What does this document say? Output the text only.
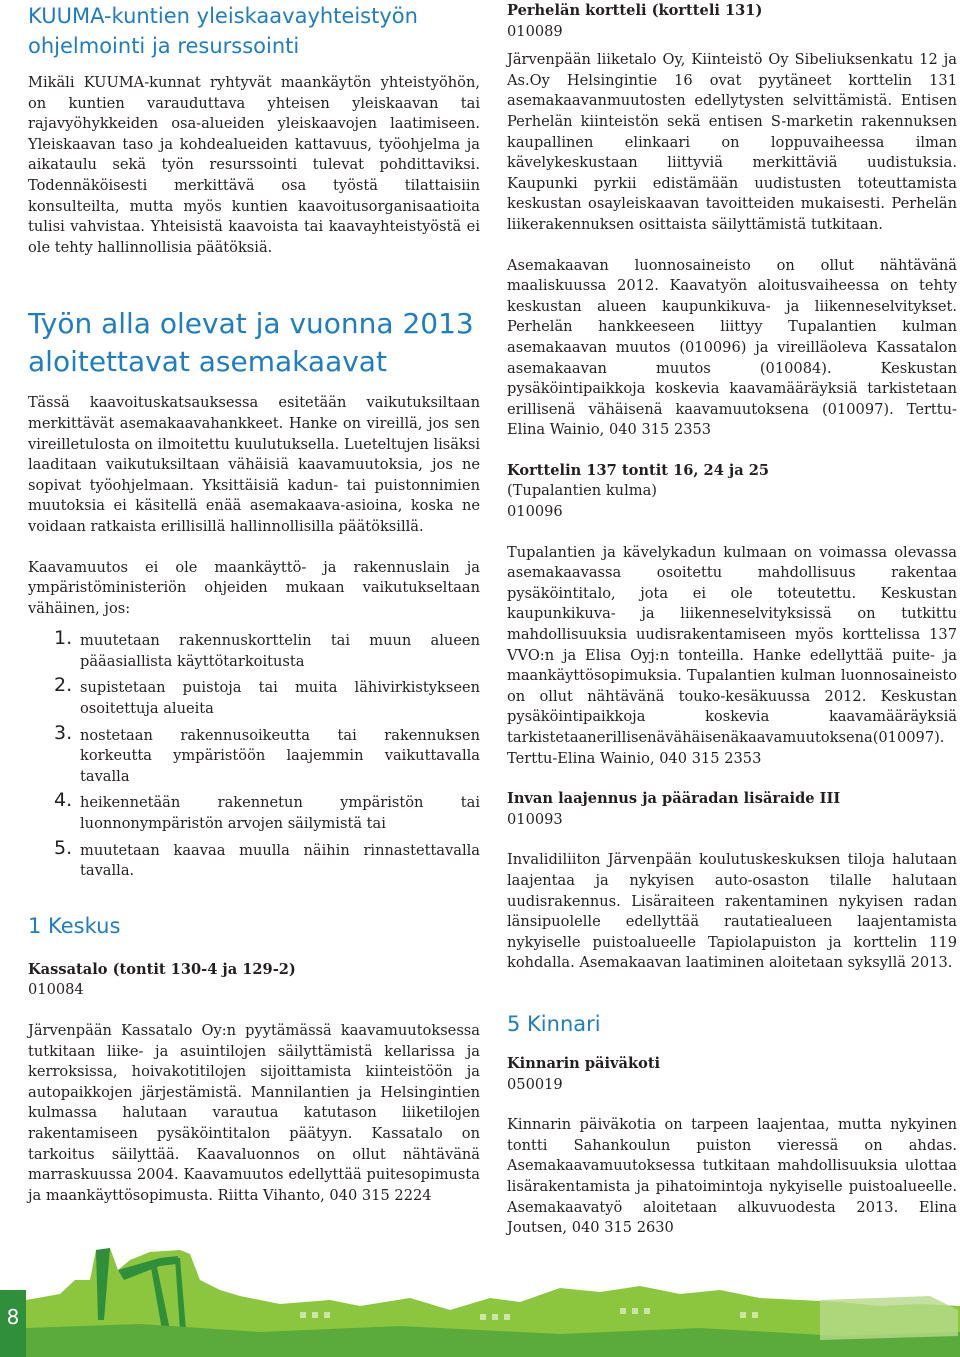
KUUMA-kuntien yleiskaavayhteistyön ohjelmointi ja resurssointi

Mikäli KUUMA-kunnat ryhtyvät maankäytön yhteistyöhön, on kuntien varauduttava yhteisen yleiskaavan tai rajavyöhykkeiden osa-alueiden yleiskaavojen laatimiseen. Yleiskaavan taso ja kohdealueiden kattavuus, työohjelma ja aikataulu sekä työn resurssointi tulevat pohdittaviksi. Todennäköisesti merkittävä osa työstä tilattaisiin konsulteilta, mutta myös kuntien kaavoitusorganisaatioita tulisi vahvistaa. Yhteisistä kaavoista tai kaavayhteistyöstä ei ole tehty hallinnollisia päätöksiä.

Työn alla olevat ja vuonna 2013 aloitettavat asemakaavat

Tässä kaavoituskatsauksessa esitetään vaikutuksiltaan merkittävät asemakaavahankkeet. Hanke on vireillä, jos sen vireilletulosta on ilmoitettu kuulutuksella. Lueteltujen lisäksi laaditaan vaikutuksiltaan vähäisiä kaavamuutoksia, jos ne sopivat työohjelmaan. Yksittäisiä kadun- tai puistonnimien muutoksia ei käsitellä enää asemakaava-asioina, koska ne voidaan ratkaista erillisillä hallinnollisilla päätöksillä.

Kaavamuutos ei ole maankäyttö- ja rakennuslain ja ympäristöministeriön ohjeiden mukaan vaikutukseltaan vähäinen, jos:

1. muutetaan rakennuskorttelin tai muun alueen pääasiallista käyttötarkoitusta
2. supistetaan puistoja tai muita lähivirkistykseen osoitettuja alueita
3. nostetaan rakennusoikeutta tai rakennuksen korkeutta ympäristöön laajemmin vaikuttavalla tavalla
4. heikennetään rakennetun ympäristön tai luonnonympäristön arvojen säilymistä tai
5. muutetaan kaavaa muulla näihin rinnastettavalla tavalla.
1 Keskus
Kassatalo (tontit 130-4 ja 129-2)
010084

Järvenpään Kassatalo Oy:n pyytämässä kaavamuutoksessa tutkitaan liike- ja asuintilojen säilyttämistä kellarissa ja kerroksissa, hoivakotitilojen sijoittamista kiinteistöön ja autopaikkojen järjestämistä. Mannilantien ja Helsingintien kulmassa halutaan varautua katutason liiketilojen rakentamiseen pysäköintitalon päätyyn. Kassatalo on tarkoitus säilyttää. Kaavaluonnos on ollut nähtävänä marraskuussa 2004. Kaavamuutos edellyttää puitesopimusta ja maankäyttösopimusta. Riitta Vihanto, 040 315 2224

Perhelän kortteli (kortteli 131)
010089

Järvenpään liiketalo Oy, Kiinteistö Oy Sibeliuksenkatu 12 ja As.Oy Helsingintie 16 ovat pyytäneet korttelin 131 asemakaavanmuutosten edellytysten selvittämistä. Entisen Perhelän kiinteistön sekä entisen S-marketin rakennuksen kaupallinen elinkaari on loppuvaiheessa ilman kävelykeskustaan liittyviä merkittäviä uudistuksia. Kaupunki pyrkii edistämään uudistusten toteuttamista keskustan osayleiskaavan tavoitteiden mukaisesti. Perhelän liikerakennuksen osittaista säilyttämistä tutkitaan.

Asemakaavan luonnosaineisto on ollut nähtävänä maaliskuussa 2012. Kaavatyön aloitusvaiheessa on tehty keskustan alueen kaupunkikuva- ja liikenneselvitykset. Perhelän hankkeeseen liittyy Tupalantien kulman asemakaavan muutos (010096) ja vireilläoleva Kassatalon asemakaavan muutos (010084). Keskustan pysäköintipaikkoja koskevia kaavamääräyksiä tarkistetaan erillisenä vähäisenä kaavamuutoksena (010097). Terttu-Elina Wainio, 040 315 2353

Korttelin 137 tontit 16, 24 ja 25
(Tupalantien kulma)
010096

Tupalantien ja kävelykadun kulmaan on voimassa olevassa asemakaavassa osoitettu mahdollisuus rakentaa pysäköintitalo, jota ei ole toteutettu. Keskustan kaupunkikuva- ja liikenneselvityksissä on tutkittu mahdollisuuksia uudisrakentamiseen myös korttelissa 137 VVO:n ja Elisa Oyj:n tonteilla. Hanke edellyttää puite- ja maankäyttösopimuksia. Tupalantien kulman luonnosaineisto on ollut nähtävänä touko-kesäkuussa 2012. Keskustan pysäköintipaikkoja koskevia kaavamääräyksiä tarkistetaanerillisenävähäisenäkaavamuutoksena(010097). Terttu-Elina Wainio, 040 315 2353

Invan laajennus ja pääradan lisäraide III
010093

Invalidiliiton Järvenpään koulutuskeskuksen tiloja halutaan laajentaa ja nykyisen auto-osaston tilalle halutaan uudisrakennus. Lisäraiteen rakentaminen nykyisen radan länsipuolelle edellyttää rautatiealueen laajentamista nykyiselle puistoalueelle Tapiolapuiston ja korttelin 119 kohdalla. Asemakaavan laatiminen aloitetaan syksyllä 2013.

5 Kinnari
Kinnarin päiväkoti
050019

Kinnarin päiväkotia on tarpeen laajentaa, mutta nykyinen tontti Sahankoulun puiston vieressä on ahdas. Asemakaavamuutoksessa tutkitaan mahdollisuuksia ulottaa lisärakentamista ja pihatoimintoja nykyiselle puistoalueelle. Asemakaavatyö aloitetaan alkuvuodesta 2013. Elina Joutsen, 040 315 2630

8
